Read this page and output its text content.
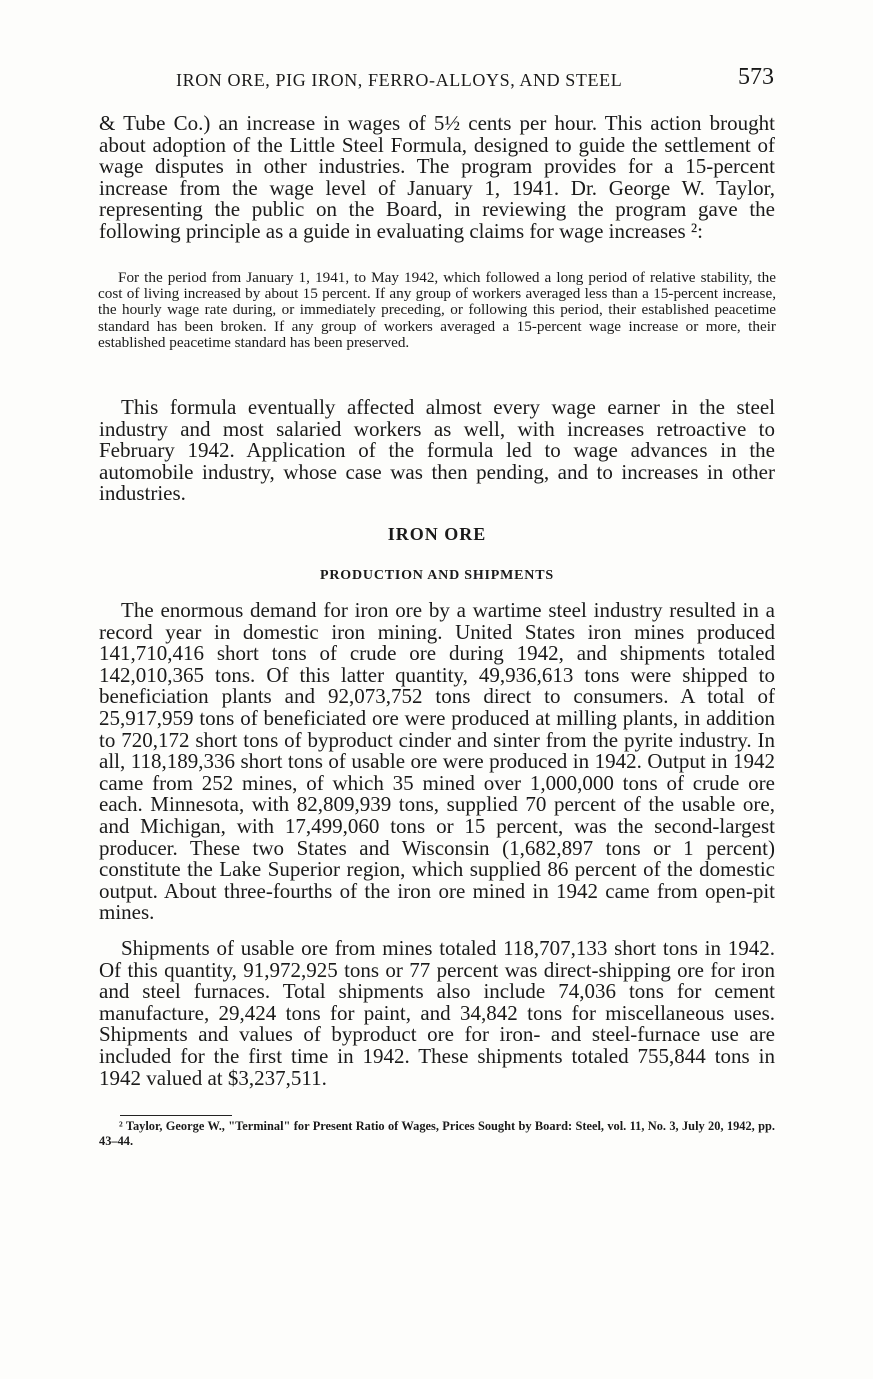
IRON ORE, PIG IRON, FERRO-ALLOYS, AND STEEL	573

& Tube Co.) an increase in wages of 5½ cents per hour. This action brought about adoption of the Little Steel Formula, designed to guide the settlement of wage disputes in other industries. The program provides for a 15-percent increase from the wage level of January 1, 1941. Dr. George W. Taylor, representing the public on the Board, in reviewing the program gave the following principle as a guide in evaluating claims for wage increases ²:

For the period from January 1, 1941, to May 1942, which followed a long period of relative stability, the cost of living increased by about 15 percent. If any group of workers averaged less than a 15-percent increase, the hourly wage rate during, or immediately preceding, or following this period, their established peacetime standard has been broken. If any group of workers averaged a 15-percent wage increase or more, their established peacetime standard has been preserved.

This formula eventually affected almost every wage earner in the steel industry and most salaried workers as well, with increases retroactive to February 1942. Application of the formula led to wage advances in the automobile industry, whose case was then pending, and to increases in other industries.

IRON ORE
PRODUCTION AND SHIPMENTS

The enormous demand for iron ore by a wartime steel industry resulted in a record year in domestic iron mining. United States iron mines produced 141,710,416 short tons of crude ore during 1942, and shipments totaled 142,010,365 tons. Of this latter quantity, 49,936,613 tons were shipped to beneficiation plants and 92,073,752 tons direct to consumers. A total of 25,917,959 tons of beneficiated ore were produced at milling plants, in addition to 720,172 short tons of byproduct cinder and sinter from the pyrite industry. In all, 118,189,336 short tons of usable ore were produced in 1942. Output in 1942 came from 252 mines, of which 35 mined over 1,000,000 tons of crude ore each. Minnesota, with 82,809,939 tons, supplied 70 percent of the usable ore, and Michigan, with 17,499,060 tons or 15 percent, was the second-largest producer. These two States and Wisconsin (1,682,897 tons or 1 percent) constitute the Lake Superior region, which supplied 86 percent of the domestic output. About three-fourths of the iron ore mined in 1942 came from open-pit mines.

Shipments of usable ore from mines totaled 118,707,133 short tons in 1942. Of this quantity, 91,972,925 tons or 77 percent was direct-shipping ore for iron and steel furnaces. Total shipments also include 74,036 tons for cement manufacture, 29,424 tons for paint, and 34,842 tons for miscellaneous uses. Shipments and values of byproduct ore for iron- and steel-furnace use are included for the first time in 1942. These shipments totaled 755,844 tons in 1942 valued at $3,237,511.

² Taylor, George W., "Terminal" for Present Ratio of Wages, Prices Sought by Board: Steel, vol. 11, No. 3, July 20, 1942, pp. 43–44.
